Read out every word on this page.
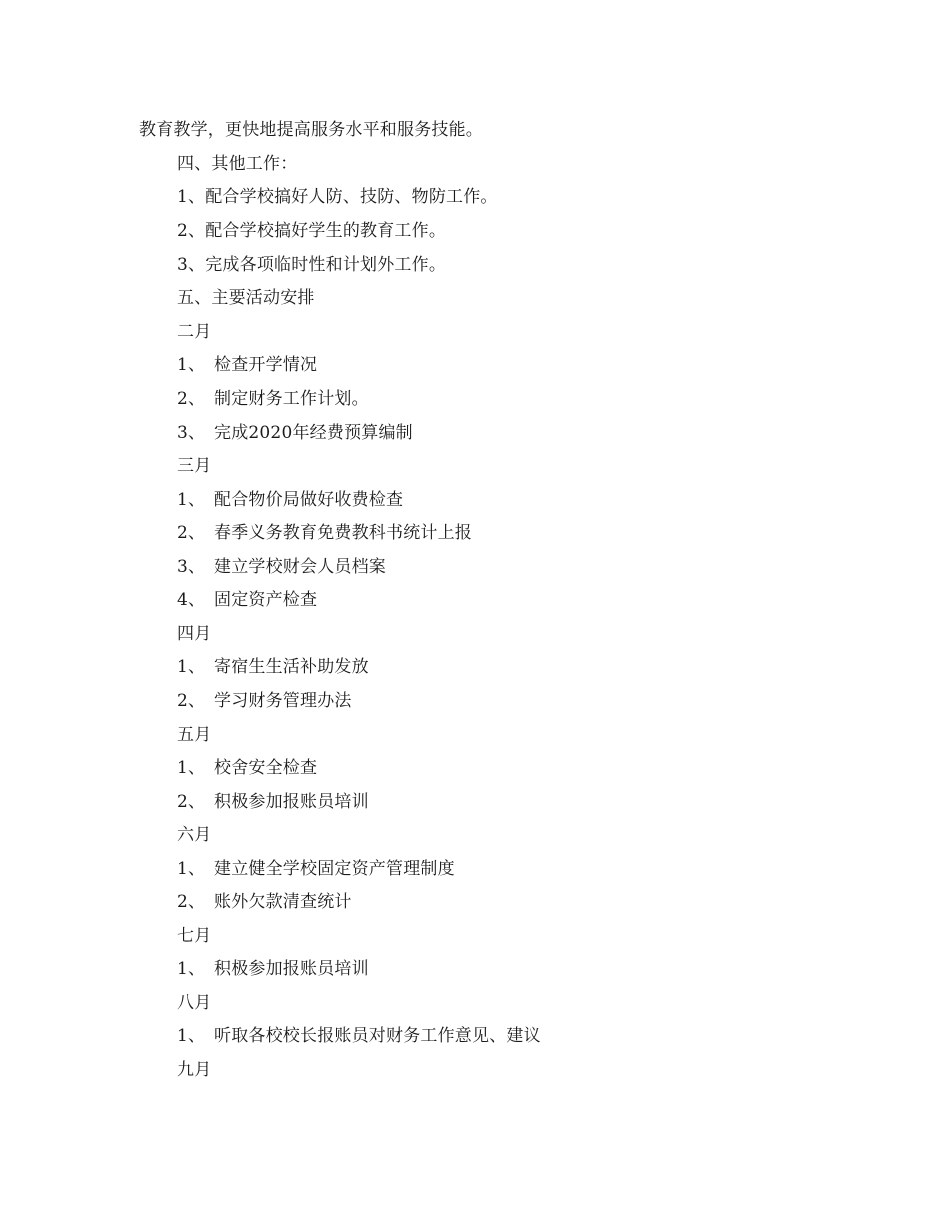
教育教学，更快地提高服务水平和服务技能。
四、其他工作：
1、配合学校搞好人防、技防、物防工作。
2、配合学校搞好学生的教育工作。
3、完成各项临时性和计划外工作。
五、主要活动安排
二月
1、 检查开学情况
2、 制定财务工作计划。
3、 完成2020年经费预算编制
三月
1、 配合物价局做好收费检查
2、 春季义务教育免费教科书统计上报
3、 建立学校财会人员档案
4、 固定资产检查
四月
1、 寄宿生生活补助发放
2、 学习财务管理办法
五月
1、 校舍安全检查
2、 积极参加报账员培训
六月
1、 建立健全学校固定资产管理制度
2、 账外欠款清查统计
七月
1、 积极参加报账员培训
八月
1、 听取各校校长报账员对财务工作意见、建议
九月
